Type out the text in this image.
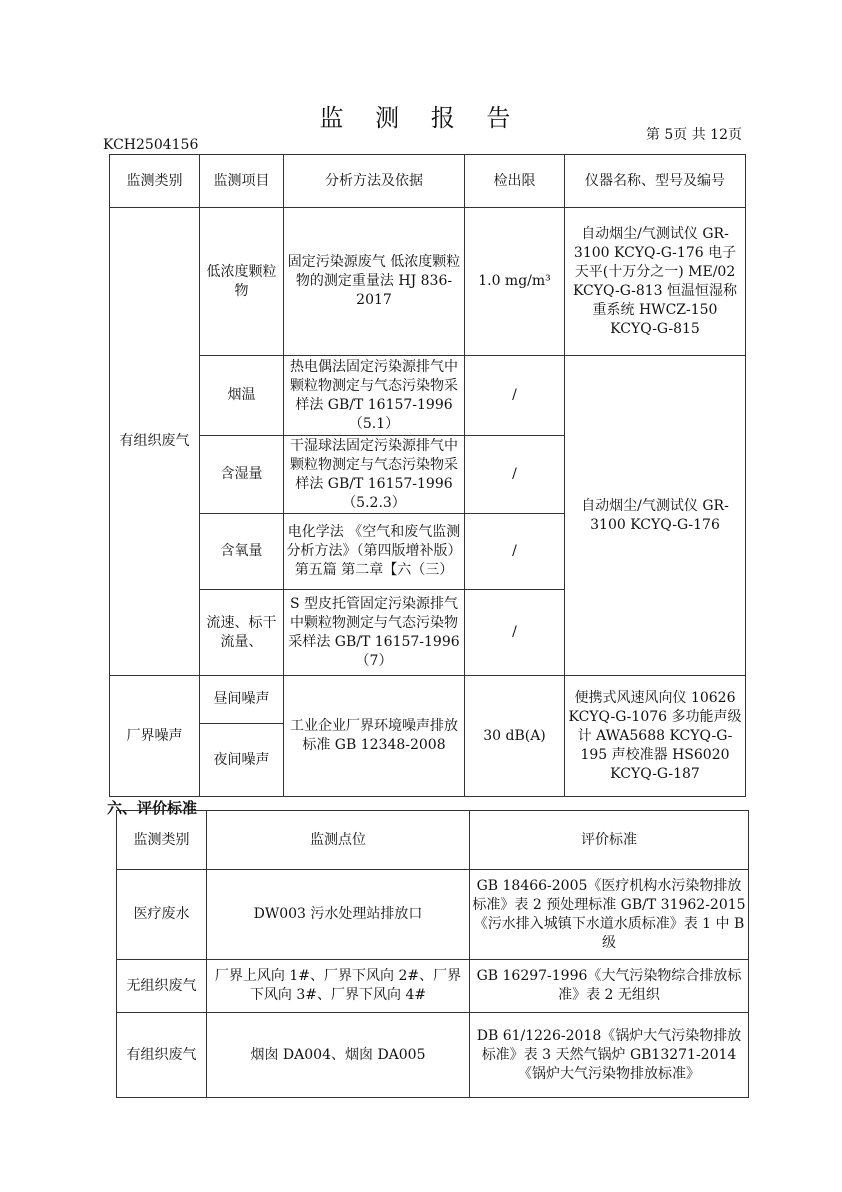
监 测 报 告
第 5页 共 12页
KCH2504156
监测类别	监测项目	分析方法及依据	检出限	仪器名称、型号及编号
有组织废气	低浓度颗粒物	固定污染源废气 低浓度颗粒物的测定重量法 HJ 836-2017	1.0 mg/m³	自动烟尘/气测试仪 GR-3100 KCYQ-G-176 电子天平(十万分之一) ME/02 KCYQ-G-813 恒温恒湿称重系统 HWCZ-150 KCYQ-G-815
	烟温	热电偶法固定污染源排气中颗粒物测定与气态污染物采样法 GB/T 16157-1996（5.1）	/	自动烟尘/气测试仪 GR-3100 KCYQ-G-176
	含湿量	干湿球法固定污染源排气中颗粒物测定与气态污染物采样法 GB/T 16157-1996（5.2.3）	/	
	含氧量	电化学法 《空气和废气监测分析方法》（第四版增补版）第五篇 第二章【六（三）	/	
	流速、标干流量、	S 型皮托管固定污染源排气中颗粒物测定与气态污染物采样法 GB/T 16157-1996 （7）	/	
厂界噪声	昼间噪声	工业企业厂界环境噪声排放标准 GB 12348-2008	30 dB(A)	便携式风速风向仪 10626 KCYQ-G-1076 多功能声级计 AWA5688 KCYQ-G-195 声校准器 HS6020 KCYQ-G-187
	夜间噪声			
六、评价标准
监测类别	监测点位	评价标准
医疗废水	DW003 污水处理站排放口	GB 18466-2005《医疗机构水污染物排放标准》表 2 预处理标准 GB/T 31962-2015《污水排入城镇下水道水质标准》表 1 中 B 级
无组织废气	厂界上风向 1#、厂界下风向 2#、厂界下风向 3#、厂界下风向 4#	GB 16297-1996《大气污染物综合排放标准》表 2 无组织
有组织废气	烟囱 DA004、烟囱 DA005	DB 61/1226-2018《锅炉大气污染物排放标准》表 3 天然气锅炉 GB13271-2014《锅炉大气污染物排放标准》
